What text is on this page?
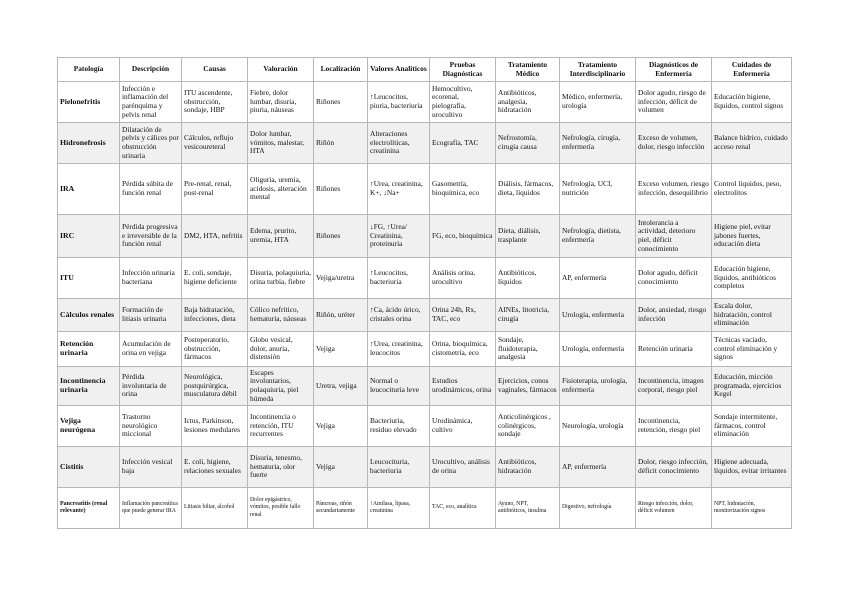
Patología	Descripción	Causas	Valoración	Localización	Valores Analíticos	Pruebas Diagnósticas	Tratamiento Médico	Tratamiento Interdisciplinario	Diagnósticos de Enfermería	Cuidados de Enfermería
Pielonefritis	Infección e inflamación del parénquima y pelvis renal	ITU ascendente, obstrucción, sondaje, HBP	Fiebre, dolor lumbar, disuria, piuria, náuseas	Riñones	↑Leucocitos, piuria, bacteriuria	Hemocultivo, ecorenal, pielografía, urocultivo	Antibióticos, analgesia, hidratación	Médico, enfermería, urología	Dolor agudo, riesgo de infección, déficit de volumen	Educación higiene, líquidos, control signos
Hidronefrosis	Dilatación de pelvis y cálices por obstrucción urinaria	Cálculos, reflujo vesicoureteral	Dolor lumbar, vómitos, malestar, HTA	Riñón	Alteraciones electrolíticas, creatinina	Ecografía, TAC	Nefrostomía, cirugía causa	Nefrología, cirugía, enfermería	Exceso de volumen, dolor, riesgo infección	Balance hídrico, cuidado acceso renal
IRA	Pérdida súbita de función renal	Pre-renal, renal, post-renal	Oliguria, uremia, acidosis, alteración mental	Riñones	↑Urea, creatinina, K+, ↓Na+	Gasometría, bioquímica, eco	Diálisis, fármacos, dieta, líquidos	Nefrología, UCI, nutrición	Exceso volumen, riesgo infección, desequilibrio	Control líquidos, peso, electrolitos
IRC	Pérdida progresiva e irreversible de la función renal	DM2, HTA, nefritis	Edema, prurito, uremia, HTA	Riñones	↓FG, ↑Urea/ Creatinina, proteinuria	FG, eco, bioquímica	Dieta, diálisis, trasplante	Nefrología, dietista, enfermería	Intolerancia a actividad, deterioro piel, déficit conocimiento	Higiene piel, evitar jabones fuertes, educación dieta
ITU	Infección urinaria bacteriana	E. coli, sondaje, higiene deficiente	Disuria, polaquiuria, orina turbia, fiebre	Vejiga/uretra	↑Leucocitos, bacteriuria	Análisis orina, urocultivo	Antibióticos, líquidos	AP, enfermería	Dolor agudo, déficit conocimiento	Educación higiene, líquidos, antibióticos completos
Cálculos renales	Formación de litiasis urinaria	Baja hidratación, infecciones, dieta	Cólico nefrítico, hematuria, náuseas	Riñón, uréter	↑Ca, ácido úrico, cristales orina	Orina 24h, Rx, TAC, eco	AINEs, litotricia, cirugía	Urología, enfermería	Dolor, ansiedad, riesgo infección	Escala dolor, hidratación, control eliminación
Retención urinaria	Acumulación de orina en vejiga	Postoperatorio, obstrucción, fármacos	Globo vesical, dolor, anuria, distensión	Vejiga	↑Urea, creatinina, leucocitos	Orina, bioquímica, cistometría, eco	Sondaje, fluidoterapia, analgesia	Urología, enfermería	Retención urinaria	Técnicas vaciado, control eliminación y signos
Incontinencia urinaria	Pérdida involuntaria de orina	Neurológica, postquirúrgica, musculatura débil	Escapes involuntarios, polaquiuria, piel húmeda	Uretra, vejiga	Normal o leucocituria leve	Estudios urodinámicos, orina	Ejercicios, conos vaginales, fármacos	Fisioterapia, urología, enfermería	Incontinencia, imagen corporal, riesgo piel	Educación, micción programada, ejercicios Kegel
Vejiga neurógena	Trastorno neurológico miccional	Ictus, Parkinson, lesiones medulares	Incontinencia o retención, ITU recurrentes	Vejiga	Bacteriuria, residuo elevado	Urodinámica, cultivo	Anticolinérgicos , colinérgicos, sondaje	Neurología, urología	Incontinencia, retención, riesgo piel	Sondaje intermitente, fármacos, control eliminación
Cistitis	Infección vesical baja	E. coli, higiene, relaciones sexuales	Disuria, tenesmo, hematuria, olor fuerte	Vejiga	Leucocituria, bacteriuria	Urocultivo, análisis de orina	Antibióticos, hidratación	AP, enfermería	Dolor, riesgo infección, déficit conocimiento	Higiene adecuada, líquidos, evitar irritantes
Pancreatitis (renal relevante)	Inflamación pancreática que puede generar IRA	Litiasis biliar, alcohol	Dolor epigástrico, vómitos, posible fallo renal	Páncreas, riñón secundariamente	↑Amilasa, lipasa, creatinina	TAC, eco, analítica	Ayuno, NPT, antibióticos, insulina	Digestivo, nefrología	Riesgo infección, dolor, déficit volumen	NPT, hidratación, monitorización signos
